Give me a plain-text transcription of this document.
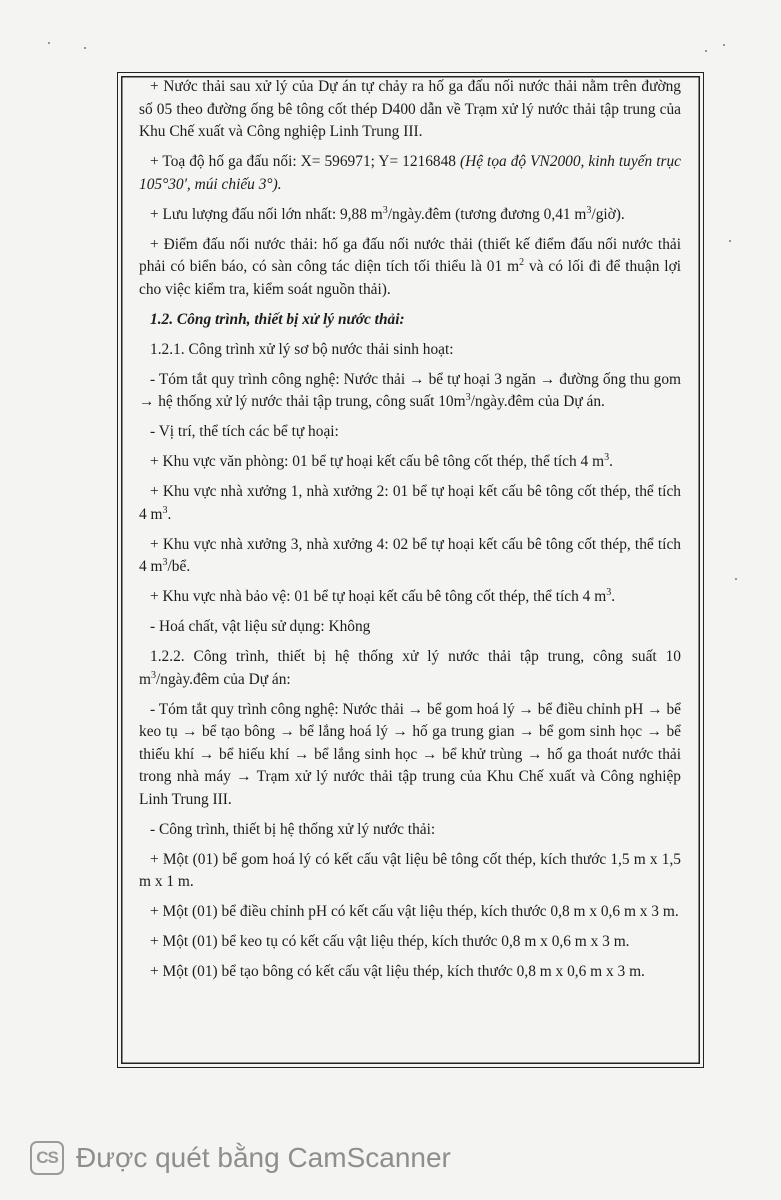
+ Nước thải sau xử lý của Dự án tự chảy ra hố ga đấu nối nước thải nằm trên đường số 05 theo đường ống bê tông cốt thép D400 dẫn về Trạm xử lý nước thải tập trung của Khu Chế xuất và Công nghiệp Linh Trung III.

+ Toạ độ hố ga đấu nối: X= 596971; Y= 1216848 (Hệ tọa độ VN2000, kinh tuyến trục 105°30', múi chiếu 3°).

+ Lưu lượng đấu nối lớn nhất: 9,88 $m^3/ngày.đêm$ (tương đương 0,41 $m^3/giờ$).

+ Điểm đấu nối nước thải: hố ga đấu nối nước thải (thiết kế điểm đấu nối nước thải phải có biển báo, có sàn công tác diện tích tối thiểu là 01 $m^2$ và có lối đi để thuận lợi cho việc kiểm tra, kiểm soát nguồn thải).

1.2. Công trình, thiết bị xử lý nước thải:

1.2.1. Công trình xử lý sơ bộ nước thải sinh hoạt:

- Tóm tắt quy trình công nghệ: Nước thải → bể tự hoại 3 ngăn → đường ống thu gom → hệ thống xử lý nước thải tập trung, công suất $10m^3/ngày.đêm$ của Dự án.

- Vị trí, thể tích các bể tự hoại:

+ Khu vực văn phòng: 01 bể tự hoại kết cấu bê tông cốt thép, thể tích 4 $m^3$.

+ Khu vực nhà xưởng 1, nhà xưởng 2: 01 bể tự hoại kết cấu bê tông cốt thép, thể tích 4 $m^3$.

+ Khu vực nhà xưởng 3, nhà xưởng 4: 02 bể tự hoại kết cấu bê tông cốt thép, thể tích 4 $m^3/bể$.

+ Khu vực nhà bảo vệ: 01 bể tự hoại kết cấu bê tông cốt thép, thể tích 4 $m^3$.

- Hoá chất, vật liệu sử dụng: Không

1.2.2. Công trình, thiết bị hệ thống xử lý nước thải tập trung, công suất 10 $m^3/ngày.đêm$ của Dự án:

- Tóm tắt quy trình công nghệ: Nước thải → bể gom hoá lý → bể điều chỉnh pH → bể keo tụ → bể tạo bông → bể lắng hoá lý → hố ga trung gian → bể gom sinh học → bể thiếu khí → bể hiếu khí → bể lắng sinh học → bể khử trùng → hố ga thoát nước thải trong nhà máy → Trạm xử lý nước thải tập trung của Khu Chế xuất và Công nghiệp Linh Trung III.

- Công trình, thiết bị hệ thống xử lý nước thải:

+ Một (01) bể gom hoá lý có kết cấu vật liệu bê tông cốt thép, kích thước 1,5 m x 1,5 m x 1 m.

+ Một (01) bể điều chỉnh pH có kết cấu vật liệu thép, kích thước 0,8 m x 0,6 m x 3 m.

+ Một (01) bể keo tụ có kết cấu vật liệu thép, kích thước 0,8 m x 0,6 m x 3 m.

+ Một (01) bể tạo bông có kết cấu vật liệu thép, kích thước 0,8 m x 0,6 m x 3 m.

CS Được quét bằng CamScanner
